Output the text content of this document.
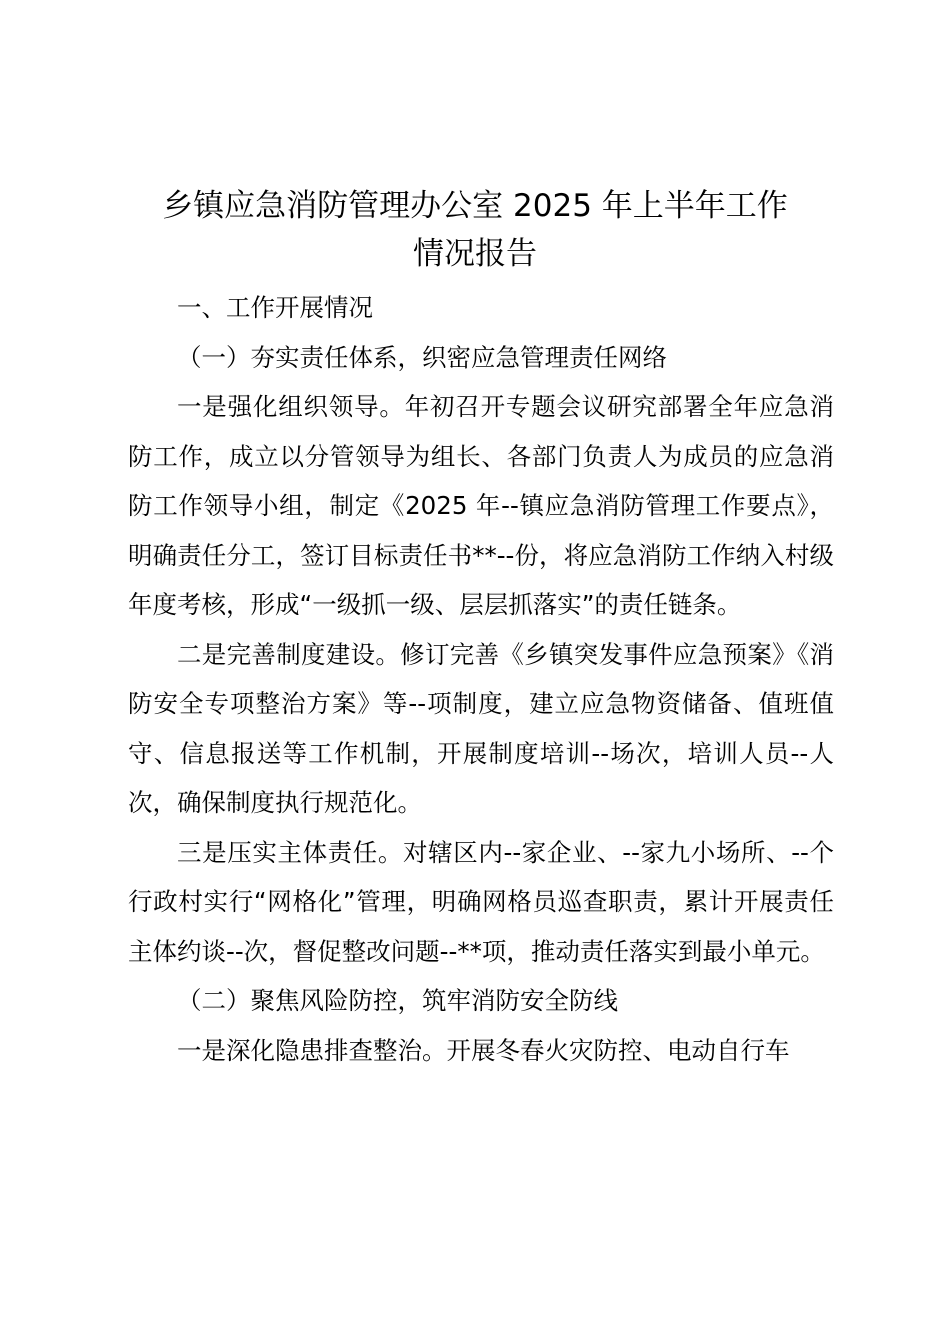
乡镇应急消防管理办公室 2025 年上半年工作
情况报告

一、工作开展情况

（一）夯实责任体系，织密应急管理责任网络

一是强化组织领导。年初召开专题会议研究部署全年应急消防工作，成立以分管领导为组长、各部门负责人为成员的应急消防工作领导小组，制定《2025 年--镇应急消防管理工作要点》，明确责任分工，签订目标责任书**--份，将应急消防工作纳入村级年度考核，形成“一级抓一级、层层抓落实”的责任链条。

二是完善制度建设。修订完善《乡镇突发事件应急预案》《消防安全专项整治方案》等--项制度，建立应急物资储备、值班值守、信息报送等工作机制，开展制度培训--场次，培训人员--人次，确保制度执行规范化。

三是压实主体责任。对辖区内--家企业、--家九小场所、--个行政村实行“网格化”管理，明确网格员巡查职责，累计开展责任主体约谈--次，督促整改问题--**项，推动责任落实到最小单元。

（二）聚焦风险防控，筑牢消防安全防线

一是深化隐患排查整治。开展冬春火灾防控、电动自行车
